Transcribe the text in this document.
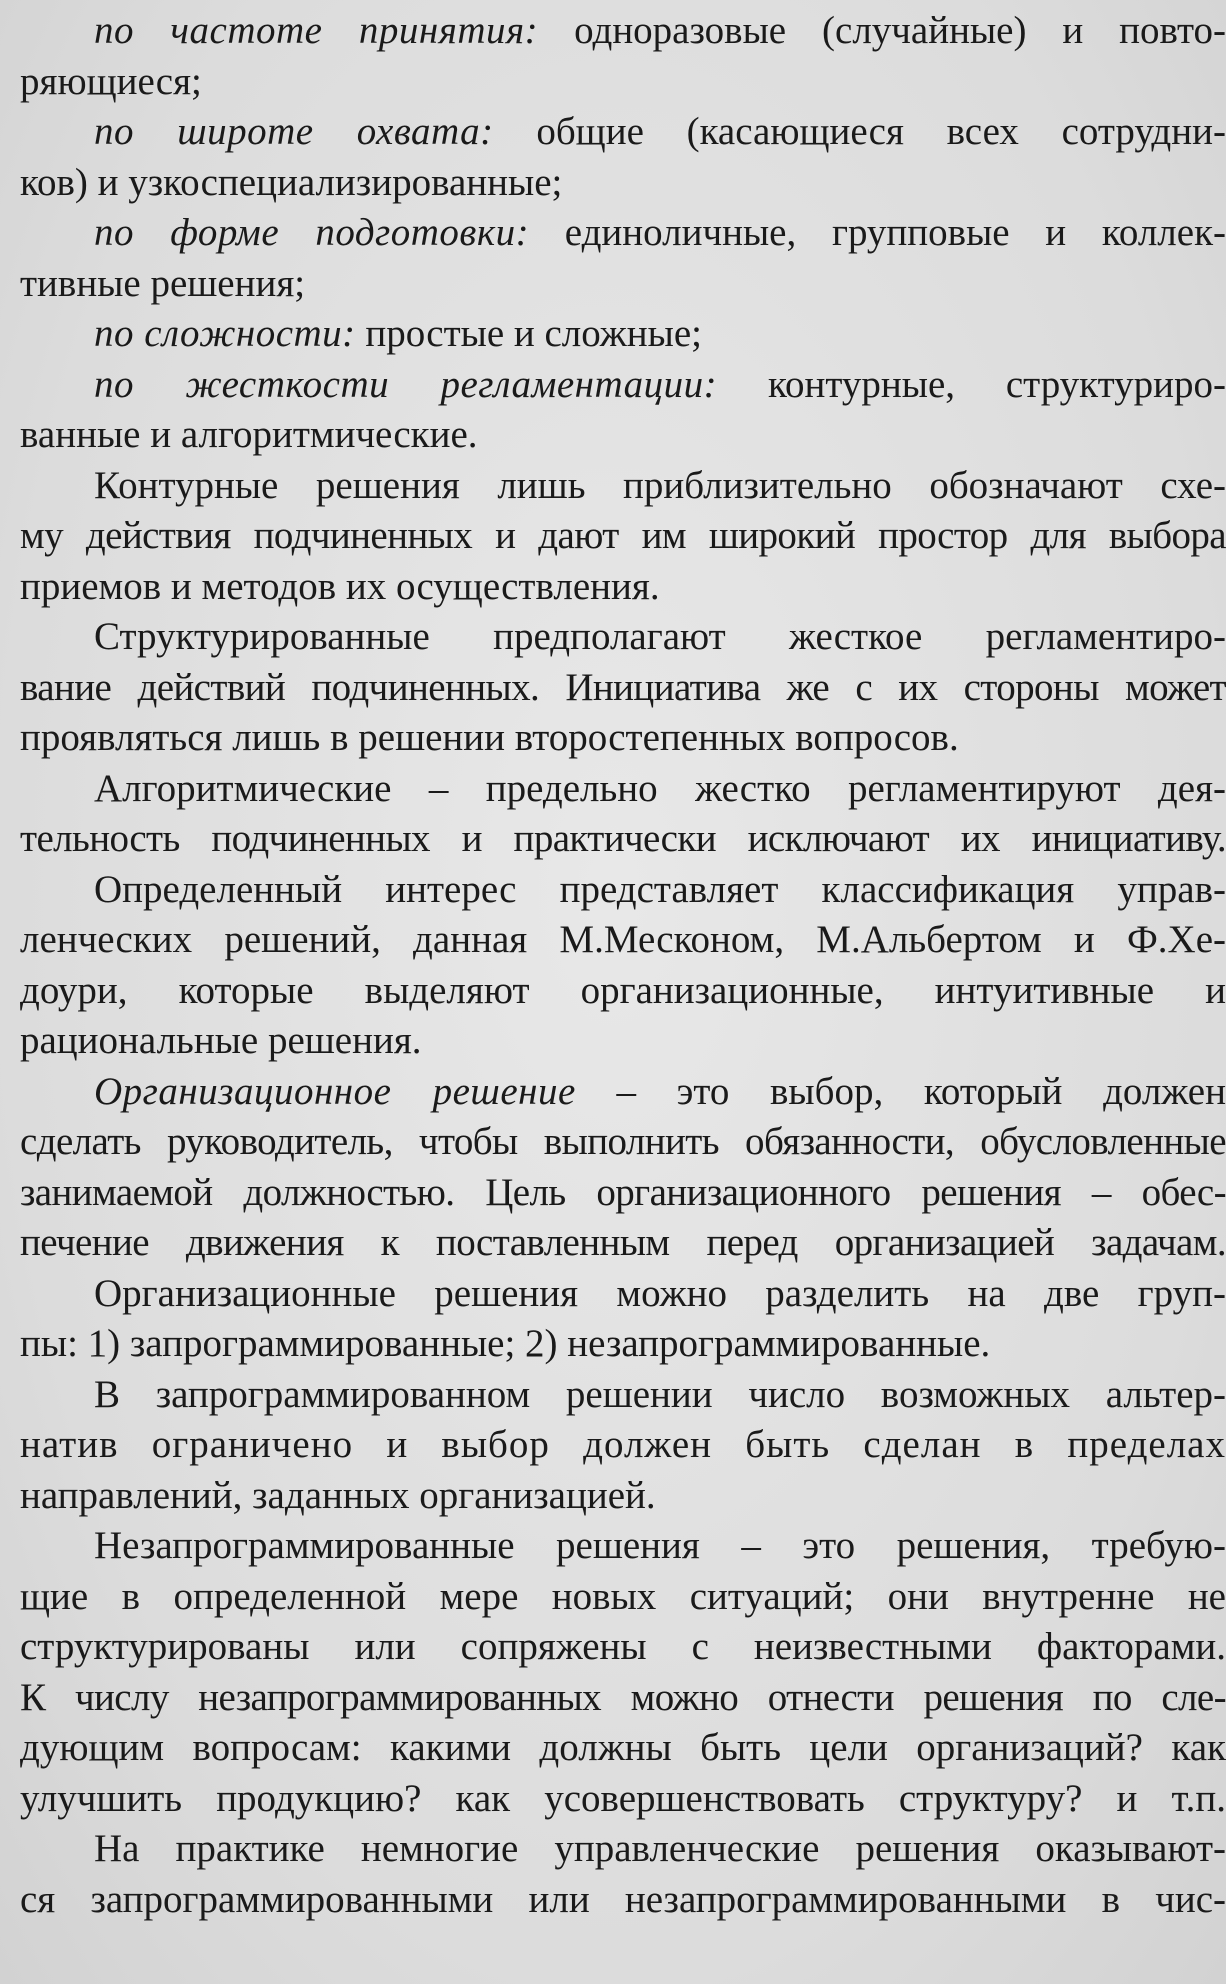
по частоте принятия: одноразовые (случайные) и повто-
ряющиеся;
по широте охвата: общие (касающиеся всех сотрудни-
ков) и узкоспециализированные;
по форме подготовки: единоличные, групповые и коллек-
тивные решения;
по сложности: простые и сложные;
по жесткости регламентации: контурные, структуриро-
ванные и алгоритмические.
Контурные решения лишь приблизительно обозначают схе-
му действия подчиненных и дают им широкий простор для выбора
приемов и методов их осуществления.
Структурированные предполагают жесткое регламентиро-
вание действий подчиненных. Инициатива же с их стороны может
проявляться лишь в решении второстепенных вопросов.
Алгоритмические – предельно жестко регламентируют дея-
тельность подчиненных и практически исключают их инициативу.
Определенный интерес представляет классификация управ-
ленческих решений, данная М.Месконом, М.Альбертом и Ф.Хе-
доури, которые выделяют организационные, интуитивные и
рациональные решения.
Организационное решение – это выбор, который должен
сделать руководитель, чтобы выполнить обязанности, обусловленные
занимаемой должностью. Цель организационного решения – обес-
печение движения к поставленным перед организацией задачам.
Организационные решения можно разделить на две груп-
пы: 1) запрограммированные; 2) незапрограммированные.
В запрограммированном решении число возможных альтер-
натив ограничено и выбор должен быть сделан в пределах
направлений, заданных организацией.
Незапрограммированные решения – это решения, требую-
щие в определенной мере новых ситуаций; они внутренне не
структурированы или сопряжены с неизвестными факторами.
К числу незапрограммированных можно отнести решения по сле-
дующим вопросам: какими должны быть цели организаций? как
улучшить продукцию? как усовершенствовать структуру? и т.п.
На практике немногие управленческие решения оказывают-
ся запрограммированными или незапрограммированными в чис-
